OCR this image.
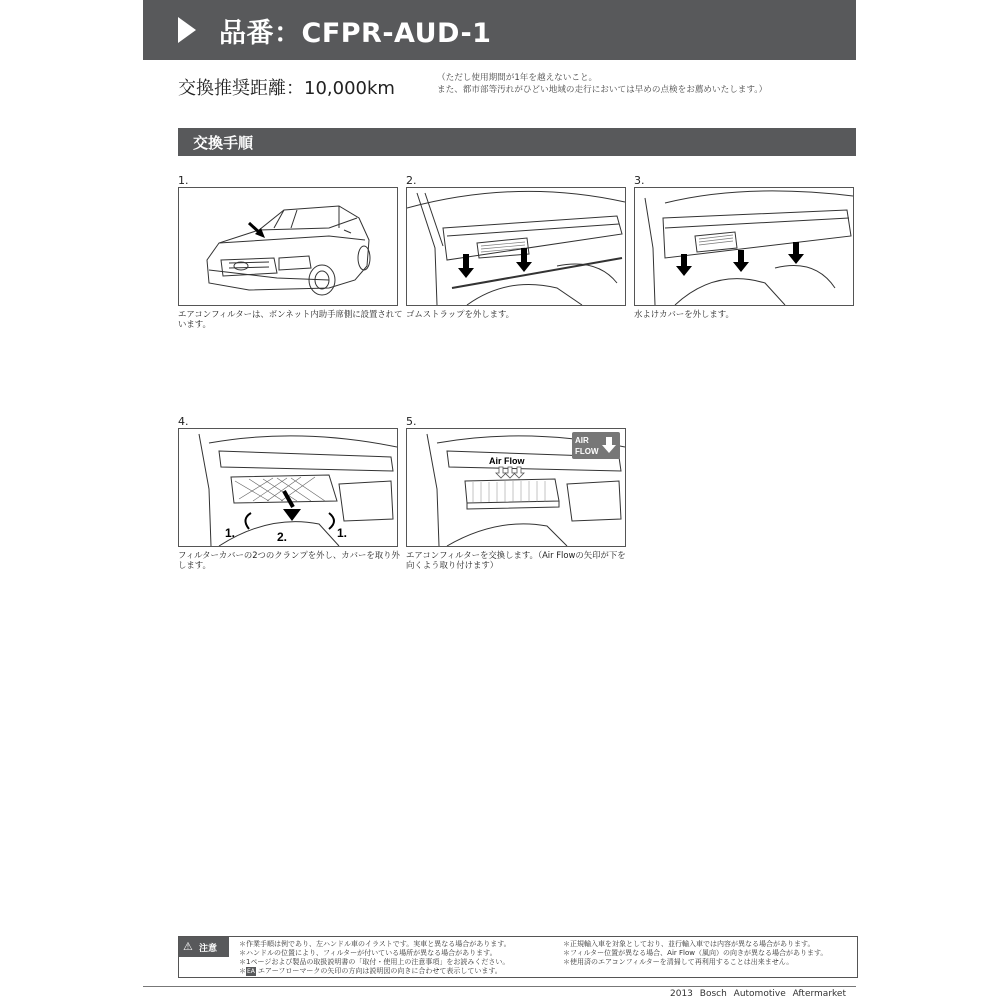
品番：CFPR-AUD-1
交換推奨距離：10,000km	（ただし使用期間が1年を越えないこと。
また、都市部等汚れがひどい地域の走行においては早めの点検をお薦めいたします。）
交換手順
1.
エアコンフィルターは、ボンネット内助手席側に設置されています。
2.
ゴムストラップを外します。
3.
水よけカバーを外します。
4.
1.	2.	1.
フィルターカバーの2つのクランプを外し、カバーを取り外します。
5.
Air Flow
AIR
FLOW
エアコンフィルターを交換します。（Air Flowの矢印が下を向くよう取り付けます）
⚠ 注意	＊作業手順は例であり、左ハンドル車のイラストです。実車と異なる場合があります。
＊ハンドルの位置により、フィルターが付いている場所が異なる場合があります。
＊1ページおよび製品の取扱説明書の「取付・使用上の注意事項」をお読みください。
＊EA エアーフローマークの矢印の方向は説明図の向きに合わせて表示しています。
＊正規輸入車を対象としており、並行輸入車では内容が異なる場合があります。
＊フィルター位置が異なる場合、Air Flow（風向）の向きが異なる場合があります。
＊使用済のエアコンフィルターを清掃して再利用することは出来ません。
2013 Bosch Automotive Aftermarket
